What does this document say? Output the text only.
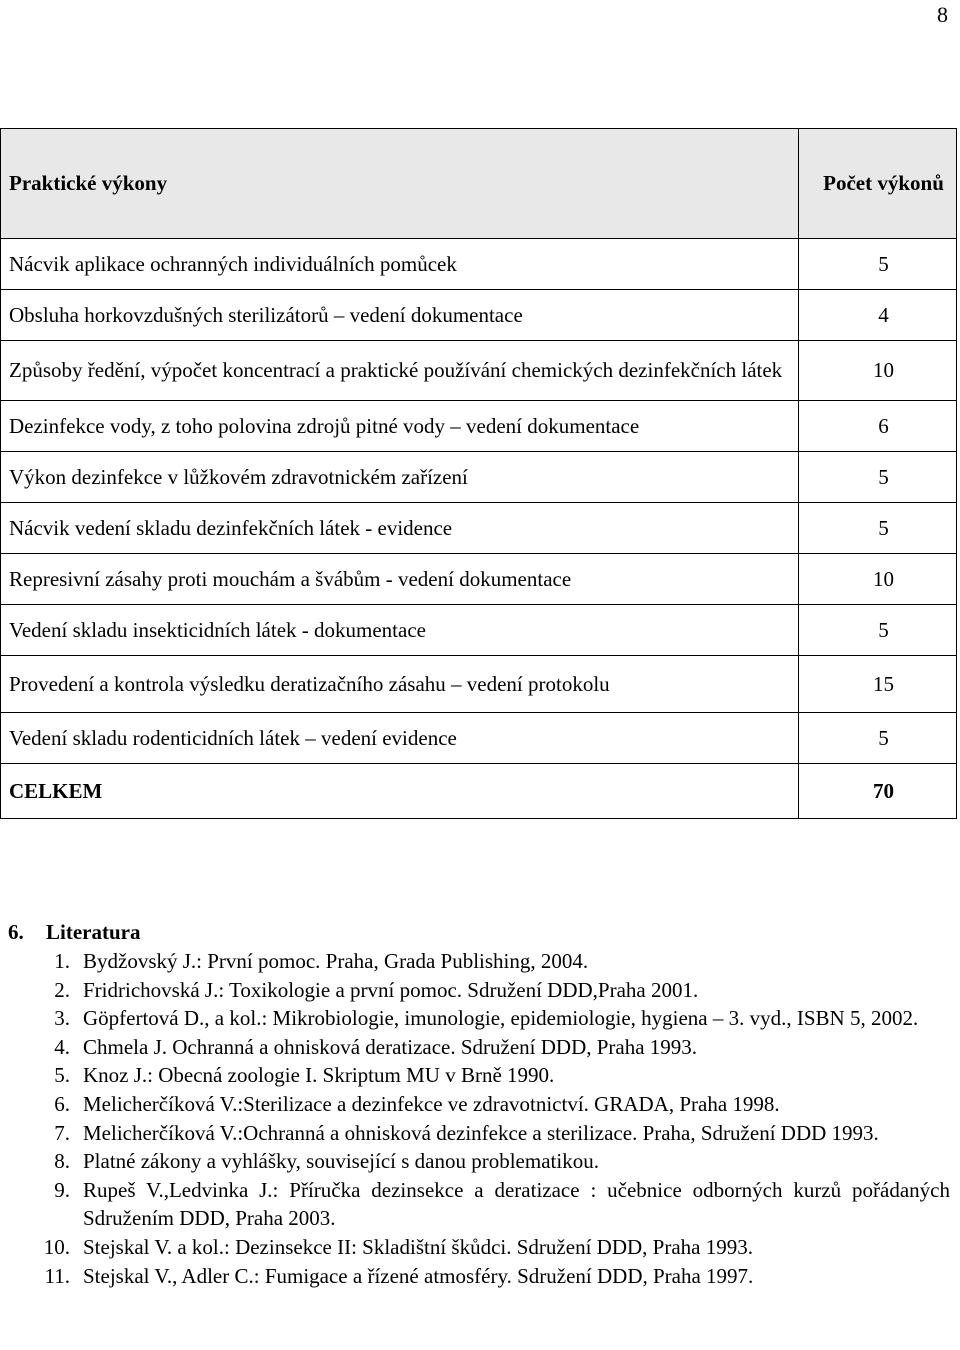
8
Praktické výkony	Počet výkonů
Nácvik aplikace ochranných individuálních pomůcek	5
Obsluha horkovzdušných sterilizátorů – vedení dokumentace	4
Způsoby ředění, výpočet koncentrací a praktické používání chemických dezinfekčních látek	10
Dezinfekce vody, z toho polovina zdrojů pitné vody – vedení dokumentace	6
Výkon dezinfekce v lůžkovém zdravotnickém zařízení	5
Nácvik vedení skladu dezinfekčních látek - evidence	5
Represivní zásahy proti mouchám a švábům - vedení dokumentace	10
Vedení skladu insekticidních látek - dokumentace	5
Provedení a kontrola výsledku deratizačního zásahu – vedení protokolu	15
Vedení skladu rodenticidních látek – vedení evidence	5
CELKEM	70
6. Literatura
1. Bydžovský J.: První pomoc. Praha, Grada Publishing, 2004.
2. Fridrichovská J.: Toxikologie a první pomoc. Sdružení DDD,Praha 2001.
3. Göpfertová D., a kol.: Mikrobiologie, imunologie, epidemiologie, hygiena – 3. vyd., ISBN 5, 2002.
4. Chmela J. Ochranná a ohnisková deratizace. Sdružení DDD, Praha 1993.
5. Knoz J.: Obecná zoologie I. Skriptum MU v Brně 1990.
6. Melicherčíková V.:Sterilizace a dezinfekce ve zdravotnictví. GRADA, Praha 1998.
7. Melicherčíková V.:Ochranná a ohnisková dezinfekce a sterilizace. Praha, Sdružení DDD 1993.
8. Platné zákony a vyhlášky, související s danou problematikou.
9. Rupeš V.,Ledvinka J.: Příručka dezinsekce a deratizace : učebnice odborných kurzů pořádaných Sdružením DDD, Praha 2003.
10. Stejskal V. a kol.: Dezinsekce II: Skladištní škůdci. Sdružení DDD, Praha 1993.
11. Stejskal V., Adler C.: Fumigace a řízené atmosféry. Sdružení DDD, Praha 1997.
